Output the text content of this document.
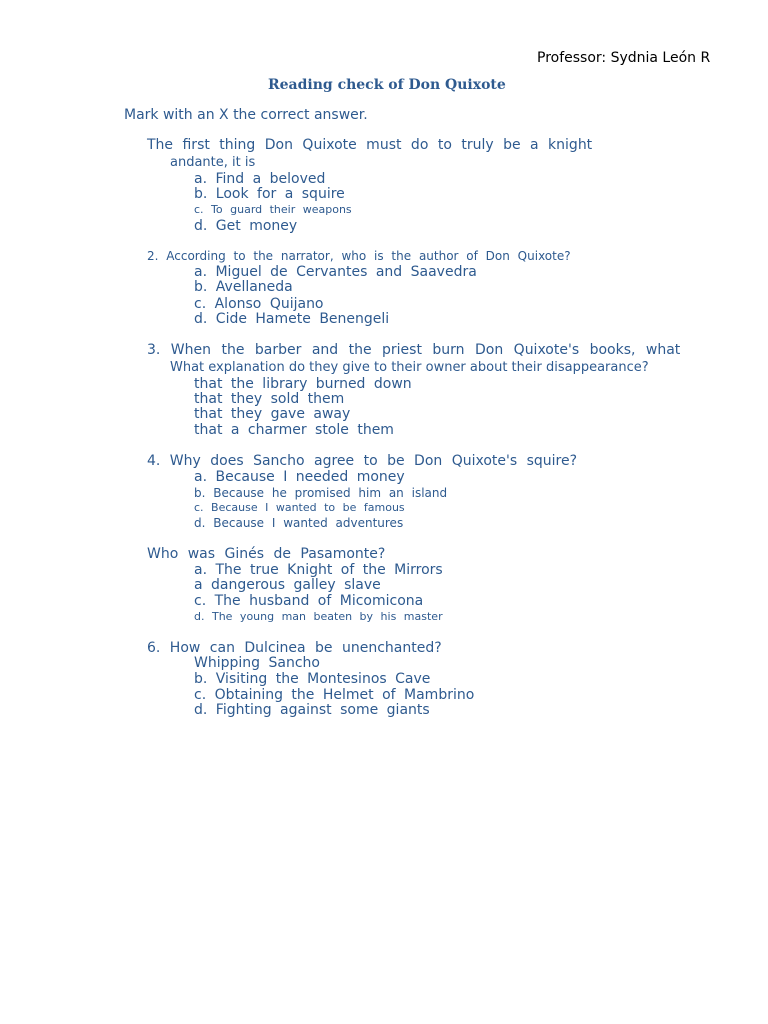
Professor: Sydnia León R

Reading check of Don Quixote

Mark with an X the correct answer.

The first thing Don Quixote must do to truly be a knight

andante, it is

a. Find a beloved

b. Look for a squire

c. To guard their weapons

d. Get money

2. According to the narrator, who is the author of Don Quixote?

a. Miguel de Cervantes and Saavedra

b. Avellaneda

c. Alonso Quijano

d. Cide Hamete Benengeli

3. When the barber and the priest burn Don Quixote's books, what

What explanation do they give to their owner about their disappearance?

that the library burned down

that they sold them

that they gave away

that a charmer stole them

4. Why does Sancho agree to be Don Quixote's squire?

a. Because I needed money

b. Because he promised him an island

c. Because I wanted to be famous

d. Because I wanted adventures

Who was Ginés de Pasamonte?

a. The true Knight of the Mirrors

a dangerous galley slave

c. The husband of Micomicona

d. The young man beaten by his master

6. How can Dulcinea be unenchanted?

Whipping Sancho

b. Visiting the Montesinos Cave

c. Obtaining the Helmet of Mambrino

d. Fighting against some giants
